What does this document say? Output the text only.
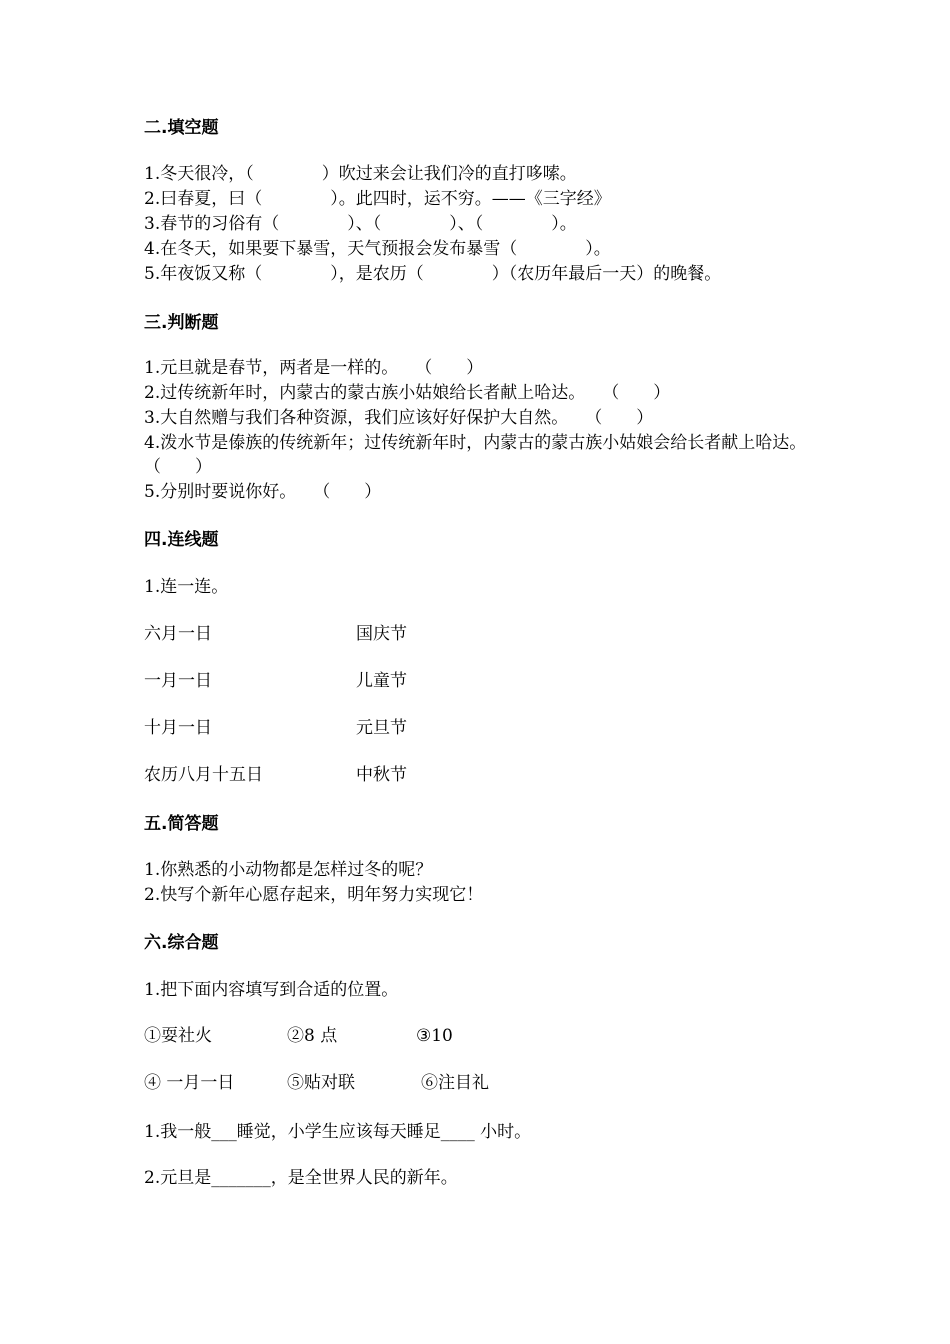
二.填空题
1.冬天很冷，（　　　　）吹过来会让我们冷的直打哆嗦。
2.曰春夏，曰（　　　　）。此四时，运不穷。——《三字经》
3.春节的习俗有（　　　　）、（　　　　）、（　　　　）。
4.在冬天，如果要下暴雪，天气预报会发布暴雪（　　　　）。
5.年夜饭又称（　　　　），是农历（　　　　）（农历年最后一天）的晚餐。
三.判断题
1.元旦就是春节，两者是一样的。　　（　　）
2.过传统新年时，内蒙古的蒙古族小姑娘给长者献上哈达。　　（　　）
3.大自然赠与我们各种资源，我们应该好好保护大自然。　　（　　）
4.泼水节是傣族的传统新年；过传统新年时，内蒙古的蒙古族小姑娘会给长者献上哈达。　　（　　）
5.分别时要说你好。　　（　　）
四.连线题
1.连一连。
六月一日	国庆节
一月一日	儿童节
十月一日	元旦节
农历八月十五日	中秋节
五.简答题
1.你熟悉的小动物都是怎样过冬的呢？
2.快写个新年心愿存起来，明年努力实现它！
六.综合题
1.把下面内容填写到合适的位置。
①耍社火	②8 点	③10
④ 一月一日	⑤贴对联	⑥注目礼
1.我一般___睡觉，小学生应该每天睡足____ 小时。
2.元旦是_______，是全世界人民的新年。
